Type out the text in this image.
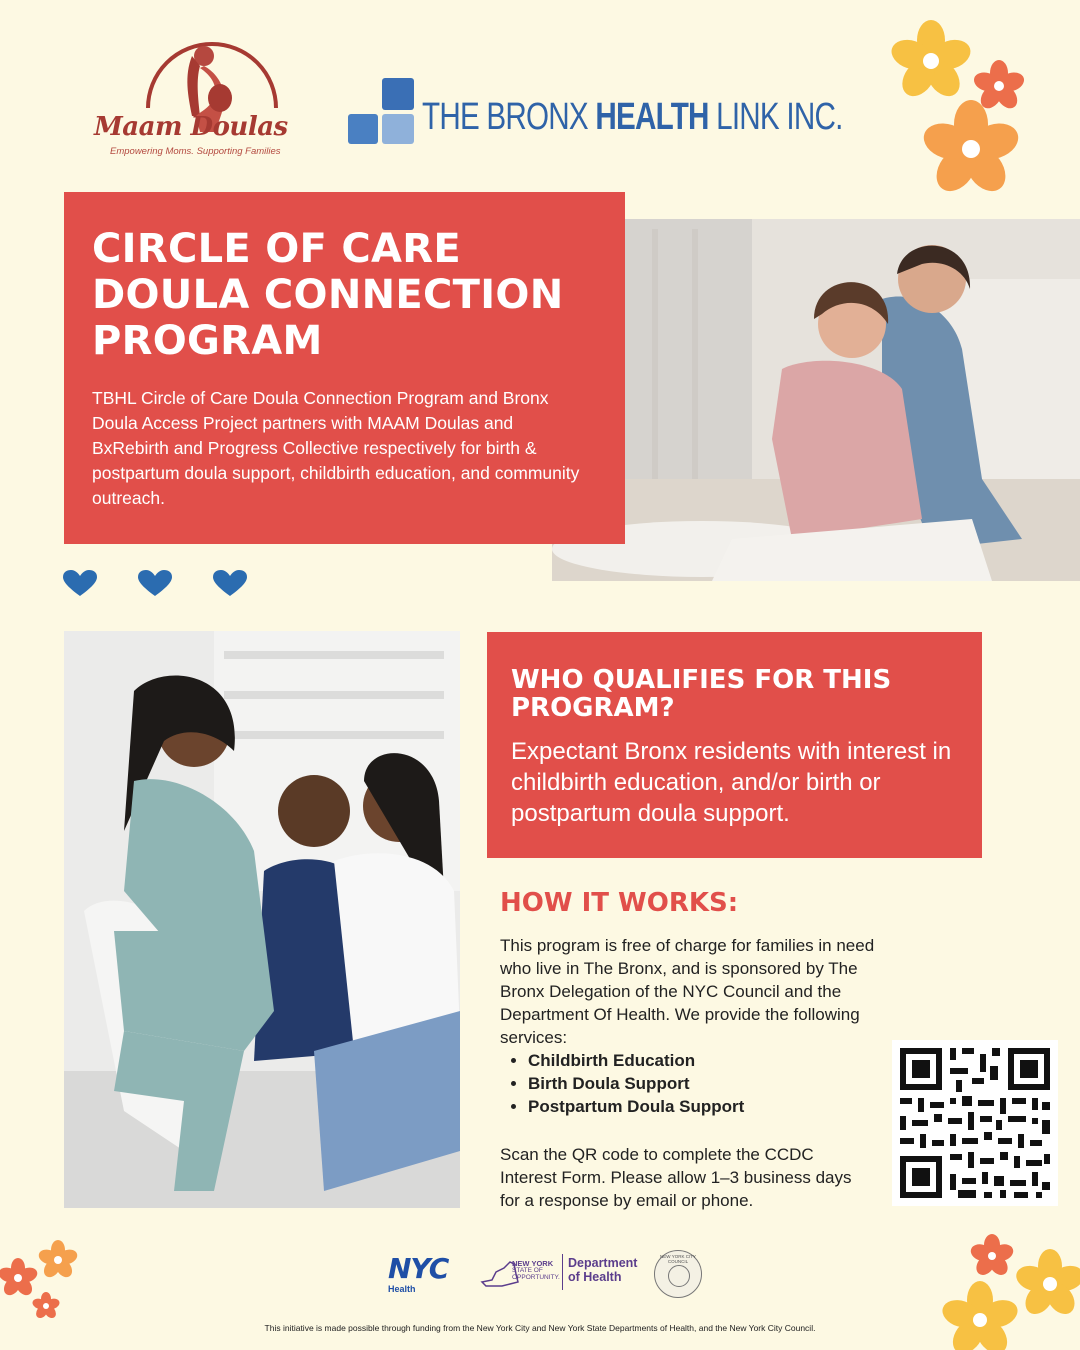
Maam Doulas
Empowering Moms. Supporting Families
THE BRONX HEALTH LINK INC.
CIRCLE OF CARE DOULA CONNECTION PROGRAM
TBHL Circle of Care Doula Connection Program and Bronx Doula Access Project partners with MAAM Doulas and BxRebirth and Progress Collective respectively for birth & postpartum doula support, childbirth education, and community outreach.
WHO QUALIFIES FOR THIS PROGRAM?
Expectant Bronx residents with interest in childbirth education, and/or birth or postpartum doula support.
HOW IT WORKS:
This program is free of charge for families in need who live in The Bronx, and is sponsored by The Bronx Delegation of the NYC Council and the Department Of Health. We provide the following services:
• Childbirth Education
• Birth Doula Support
• Postpartum Doula Support
Scan the QR code to complete the CCDC Interest Form. Please allow 1–3 business days for a response by email or phone.
NYC
Health
NEW YORK
STATE OF
OPPORTUNITY.
Department
of Health
NEW YORK CITY COUNCIL
This initiative is made possible through funding from the New York City and New York State Departments of Health, and the New York City Council.
